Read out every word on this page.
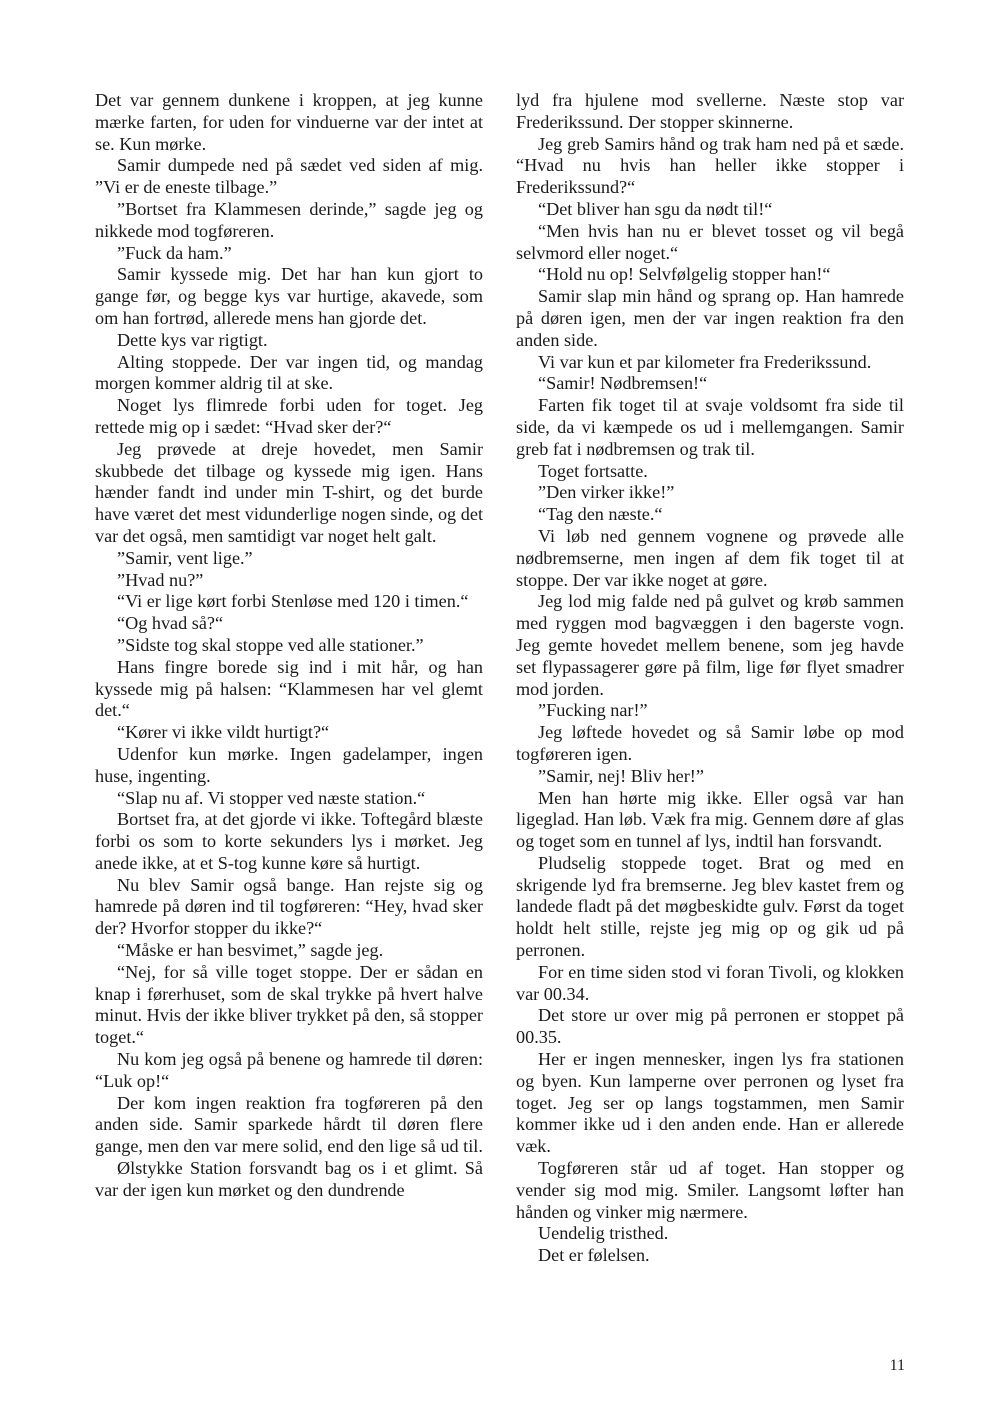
Det var gennem dunkene i kroppen, at jeg kunne mærke farten, for uden for vinduerne var der intet at se. Kun mørke.

Samir dumpede ned på sædet ved siden af mig. ”Vi er de eneste tilbage.”

”Bortset fra Klammesen derinde,” sagde jeg og nikkede mod togføreren.

”Fuck da ham.”

Samir kyssede mig. Det har han kun gjort to gange før, og begge kys var hurtige, akavede, som om han fortrød, allerede mens han gjorde det.

Dette kys var rigtigt.

Alting stoppede. Der var ingen tid, og mandag morgen kommer aldrig til at ske.

Noget lys flimrede forbi uden for toget. Jeg rettede mig op i sædet: “Hvad sker der?“

Jeg prøvede at dreje hovedet, men Samir skubbede det tilbage og kyssede mig igen. Hans hænder fandt ind under min T-shirt, og det burde have været det mest vidunderlige nogen sinde, og det var det også, men samtidigt var noget helt galt.

”Samir, vent lige.”

”Hvad nu?”

“Vi er lige kørt forbi Stenløse med 120 i timen.“

“Og hvad så?“

”Sidste tog skal stoppe ved alle stationer.”

Hans fingre borede sig ind i mit hår, og han kyssede mig på halsen: “Klammesen har vel glemt det.“

“Kører vi ikke vildt hurtigt?“

Udenfor kun mørke. Ingen gadelamper, ingen huse, ingenting.

“Slap nu af. Vi stopper ved næste station.“

Bortset fra, at det gjorde vi ikke. Toftegård blæste forbi os som to korte sekunders lys i mørket. Jeg anede ikke, at et S-tog kunne køre så hurtigt.

Nu blev Samir også bange. Han rejste sig og hamrede på døren ind til togføreren: “Hey, hvad sker der? Hvorfor stopper du ikke?“

“Måske er han besvimet,” sagde jeg.

“Nej, for så ville toget stoppe. Der er sådan en knap i førerhuset, som de skal trykke på hvert halve minut. Hvis der ikke bliver trykket på den, så stopper toget.“

Nu kom jeg også på benene og hamrede til døren: “Luk op!“

Der kom ingen reaktion fra togføreren på den anden side. Samir sparkede hårdt til døren flere gange, men den var mere solid, end den lige så ud til.

Ølstykke Station forsvandt bag os i et glimt. Så var der igen kun mørket og den dundrende

lyd fra hjulene mod svellerne. Næste stop var Frederikssund. Der stopper skinnerne.

Jeg greb Samirs hånd og trak ham ned på et sæde. “Hvad nu hvis han heller ikke stopper i Frederikssund?“

“Det bliver han sgu da nødt til!“

“Men hvis han nu er blevet tosset og vil begå selvmord eller noget.“

“Hold nu op! Selvfølgelig stopper han!“

Samir slap min hånd og sprang op. Han hamrede på døren igen, men der var ingen reaktion fra den anden side.

Vi var kun et par kilometer fra Frederikssund.

“Samir! Nødbremsen!“

Farten fik toget til at svaje voldsomt fra side til side, da vi kæmpede os ud i mellemgangen. Samir greb fat i nødbremsen og trak til.

Toget fortsatte.

”Den virker ikke!”

“Tag den næste.“

Vi løb ned gennem vognene og prøvede alle nødbremserne, men ingen af dem fik toget til at stoppe. Der var ikke noget at gøre.

Jeg lod mig falde ned på gulvet og krøb sammen med ryggen mod bagvæggen i den bagerste vogn. Jeg gemte hovedet mellem benene, som jeg havde set flypassagerer gøre på film, lige før flyet smadrer mod jorden.

”Fucking nar!”

Jeg løftede hovedet og så Samir løbe op mod togføreren igen.

”Samir, nej! Bliv her!”

Men han hørte mig ikke. Eller også var han ligeglad. Han løb. Væk fra mig. Gennem døre af glas og toget som en tunnel af lys, indtil han forsvandt.

Pludselig stoppede toget. Brat og med en skrigende lyd fra bremserne. Jeg blev kastet frem og landede fladt på det møgbeskidte gulv. Først da toget holdt helt stille, rejste jeg mig op og gik ud på perronen.

For en time siden stod vi foran Tivoli, og klokken var 00.34.

Det store ur over mig på perronen er stoppet på 00.35.

Her er ingen mennesker, ingen lys fra stationen og byen. Kun lamperne over perronen og lyset fra toget. Jeg ser op langs togstammen, men Samir kommer ikke ud i den anden ende. Han er allerede væk.

Togføreren står ud af toget. Han stopper og vender sig mod mig. Smiler. Langsomt løfter han hånden og vinker mig nærmere.

Uendelig tristhed.

Det er følelsen.

11
